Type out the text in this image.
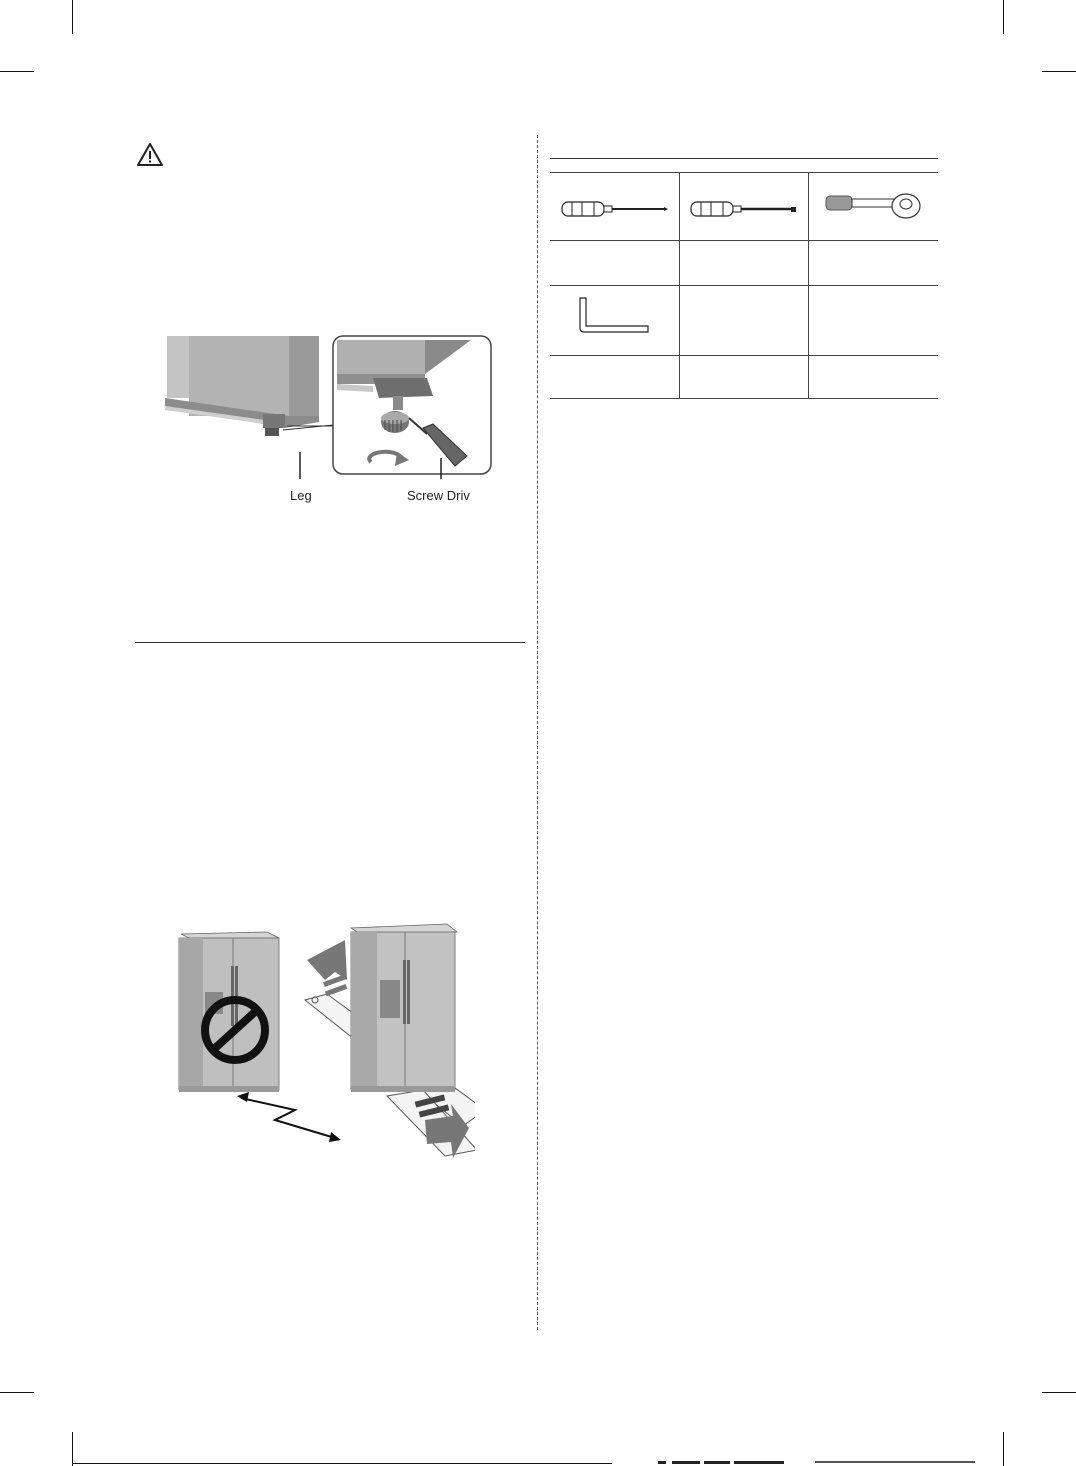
Leg	Screw Driv
